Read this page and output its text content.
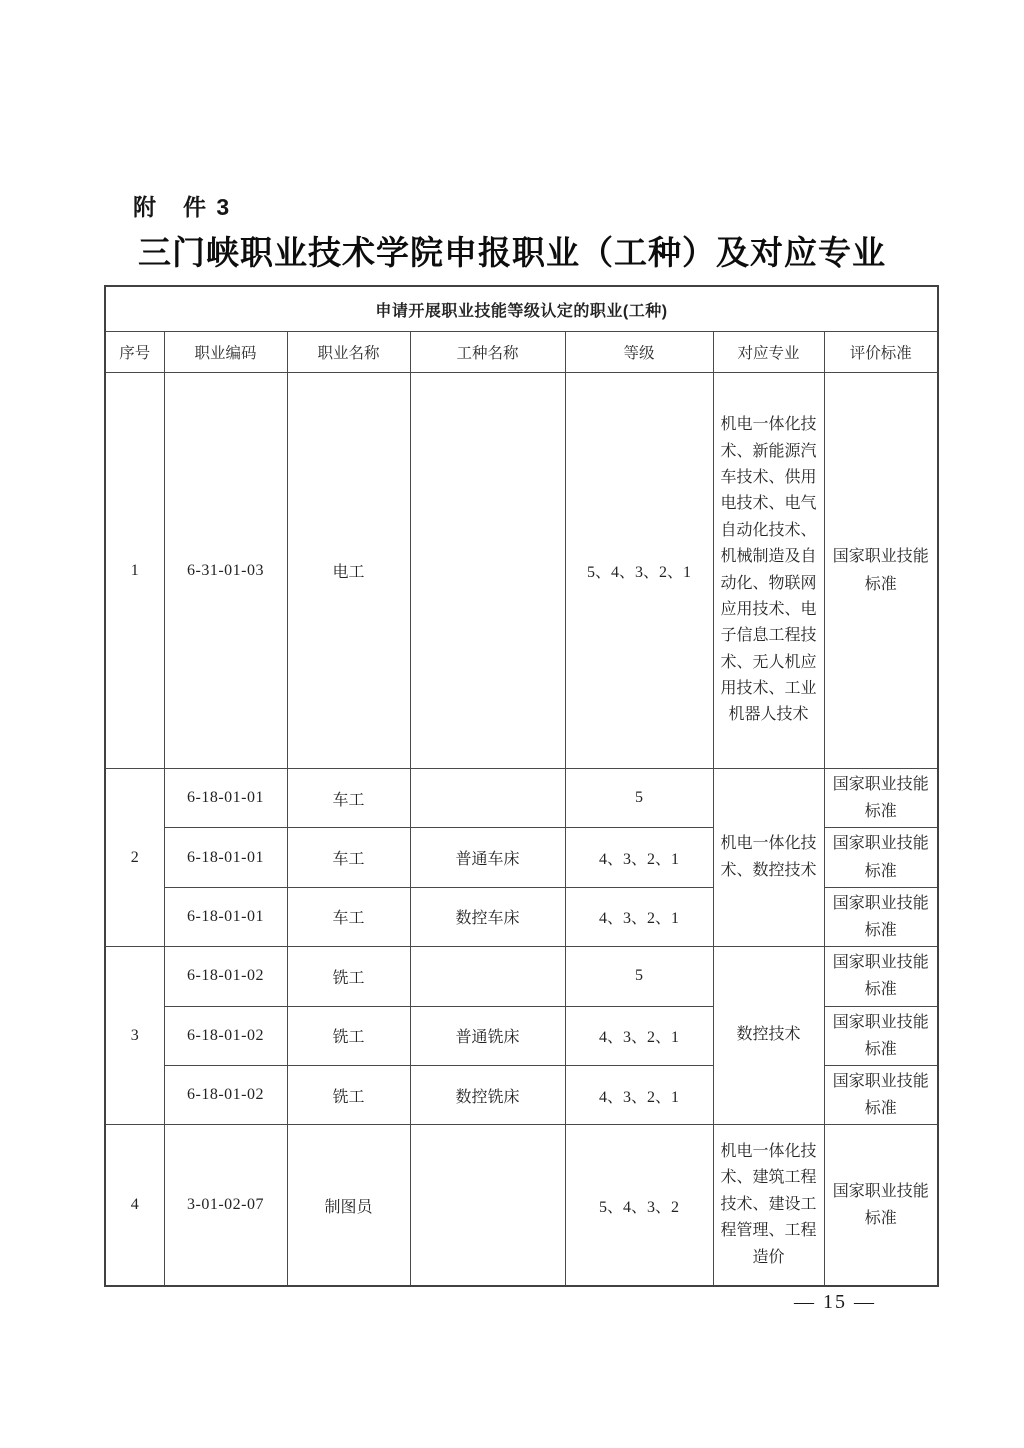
附　件 3
三门峡职业技术学院申报职业（工种）及对应专业
申请开展职业技能等级认定的职业(工种)						
序号	职业编码	职业名称	工种名称	等级	对应专业	评价标准
1	6-31-01-03	电工		5、4、3、2、1	机电一体化技术、新能源汽车技术、供用电技术、电气自动化技术、机械制造及自动化、物联网应用技术、电子信息工程技术、无人机应用技术、工业机器人技术	国家职业技能标准
2	6-18-01-01	车工		5	机电一体化技术、数控技术	国家职业技能标准
	6-18-01-01	车工	普通车床	4、3、2、1		国家职业技能标准
	6-18-01-01	车工	数控车床	4、3、2、1		国家职业技能标准
3	6-18-01-02	铣工		5	数控技术	国家职业技能标准
	6-18-01-02	铣工	普通铣床	4、3、2、1		国家职业技能标准
	6-18-01-02	铣工	数控铣床	4、3、2、1		国家职业技能标准
4	3-01-02-07	制图员		5、4、3、2	机电一体化技术、建筑工程技术、建设工程管理、工程造价	国家职业技能标准
— 15 —
